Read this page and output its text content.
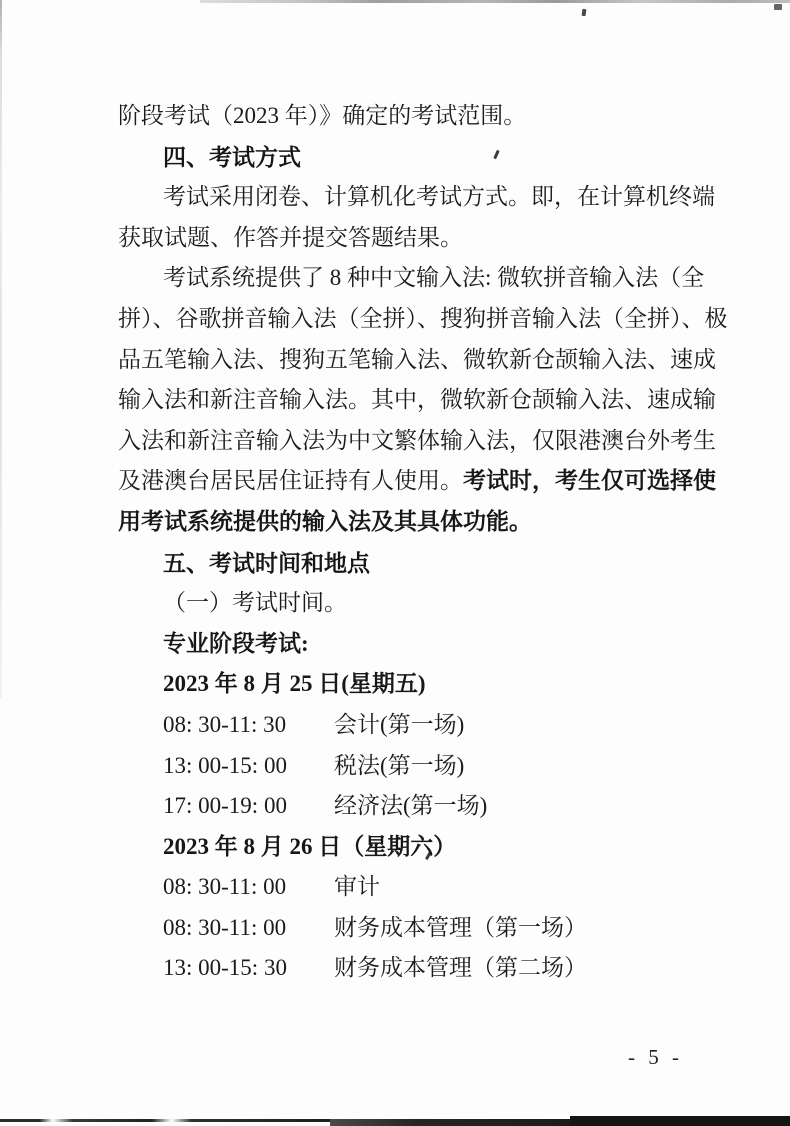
阶段考试（2023 年）》确定的考试范围。
四、考试方式
考试采用闭卷、计算机化考试方式。即，在计算机终端
获取试题、作答并提交答题结果。
考试系统提供了 8 种中文输入法: 微软拼音输入法（全
拼）、谷歌拼音输入法（全拼）、搜狗拼音输入法（全拼）、极
品五笔输入法、搜狗五笔输入法、微软新仓颉输入法、速成
输入法和新注音输入法。其中，微软新仓颉输入法、速成输
入法和新注音输入法为中文繁体输入法，仅限港澳台外考生
及港澳台居民居住证持有人使用。考试时，考生仅可选择使
用考试系统提供的输入法及其具体功能。
五、考试时间和地点
（一）考试时间。
专业阶段考试:
2023 年 8 月 25 日(星期五)
08: 30-11: 30 会计(第一场)
13: 00-15: 00 税法(第一场)
17: 00-19: 00 经济法(第一场)
2023 年 8 月 26 日（星期六）
08: 30-11: 00 审计
08: 30-11: 00 财务成本管理（第一场）
13: 00-15: 30 财务成本管理（第二场）
- 5 -
